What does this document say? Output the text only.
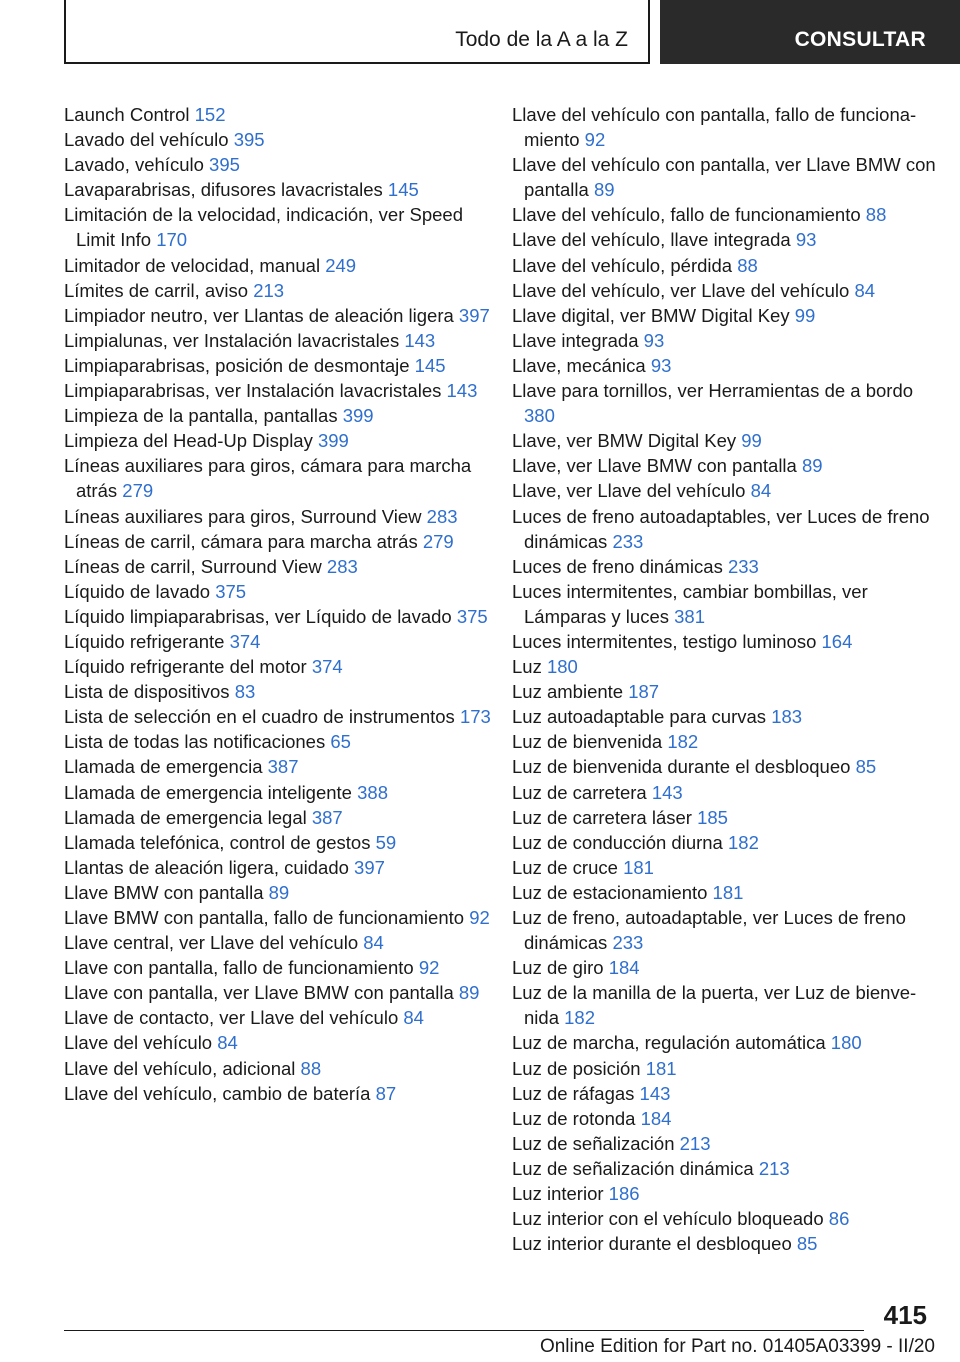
Todo de la A a la Z	CONSULTAR
Launch Control 152
Lavado del vehículo 395
Lavado, vehículo 395
Lavaparabrisas, difusores lavacristales 145
Limitación de la velocidad, indicación, ver Speed Limit Info 170
Limitador de velocidad, manual 249
Límites de carril, aviso 213
Limpiador neutro, ver Llantas de aleación ligera 397
Limpialunas, ver Instalación lavacristales 143
Limpiaparabrisas, posición de desmontaje 145
Limpiaparabrisas, ver Instalación lavacristales 143
Limpieza de la pantalla, pantallas 399
Limpieza del Head-Up Display 399
Líneas auxiliares para giros, cámara para marcha atrás 279
Líneas auxiliares para giros, Surround View 283
Líneas de carril, cámara para marcha atrás 279
Líneas de carril, Surround View 283
Líquido de lavado 375
Líquido limpiaparabrisas, ver Líquido de lavado 375
Líquido refrigerante 374
Líquido refrigerante del motor 374
Lista de dispositivos 83
Lista de selección en el cuadro de instrumentos 173
Lista de todas las notificaciones 65
Llamada de emergencia 387
Llamada de emergencia inteligente 388
Llamada de emergencia legal 387
Llamada telefónica, control de gestos 59
Llantas de aleación ligera, cuidado 397
Llave BMW con pantalla 89
Llave BMW con pantalla, fallo de funcionamiento 92
Llave central, ver Llave del vehículo 84
Llave con pantalla, fallo de funcionamiento 92
Llave con pantalla, ver Llave BMW con pantalla 89
Llave de contacto, ver Llave del vehículo 84
Llave del vehículo 84
Llave del vehículo, adicional 88
Llave del vehículo, cambio de batería 87
Llave del vehículo con pantalla, fallo de funcionamiento 92
Llave del vehículo con pantalla, ver Llave BMW con pantalla 89
Llave del vehículo, fallo de funcionamiento 88
Llave del vehículo, llave integrada 93
Llave del vehículo, pérdida 88
Llave del vehículo, ver Llave del vehículo 84
Llave digital, ver BMW Digital Key 99
Llave integrada 93
Llave, mecánica 93
Llave para tornillos, ver Herramientas de a bordo 380
Llave, ver BMW Digital Key 99
Llave, ver Llave BMW con pantalla 89
Llave, ver Llave del vehículo 84
Luces de freno autoadaptables, ver Luces de freno dinámicas 233
Luces de freno dinámicas 233
Luces intermitentes, cambiar bombillas, ver Lámparas y luces 381
Luces intermitentes, testigo luminoso 164
Luz 180
Luz ambiente 187
Luz autoadaptable para curvas 183
Luz de bienvenida 182
Luz de bienvenida durante el desbloqueo 85
Luz de carretera 143
Luz de carretera láser 185
Luz de conducción diurna 182
Luz de cruce 181
Luz de estacionamiento 181
Luz de freno, autoadaptable, ver Luces de freno dinámicas 233
Luz de giro 184
Luz de la manilla de la puerta, ver Luz de bienvenida 182
Luz de marcha, regulación automática 180
Luz de posición 181
Luz de ráfagas 143
Luz de rotonda 184
Luz de señalización 213
Luz de señalización dinámica 213
Luz interior 186
Luz interior con el vehículo bloqueado 86
Luz interior durante el desbloqueo 85
415
Online Edition for Part no. 01405A03399 - II/20
